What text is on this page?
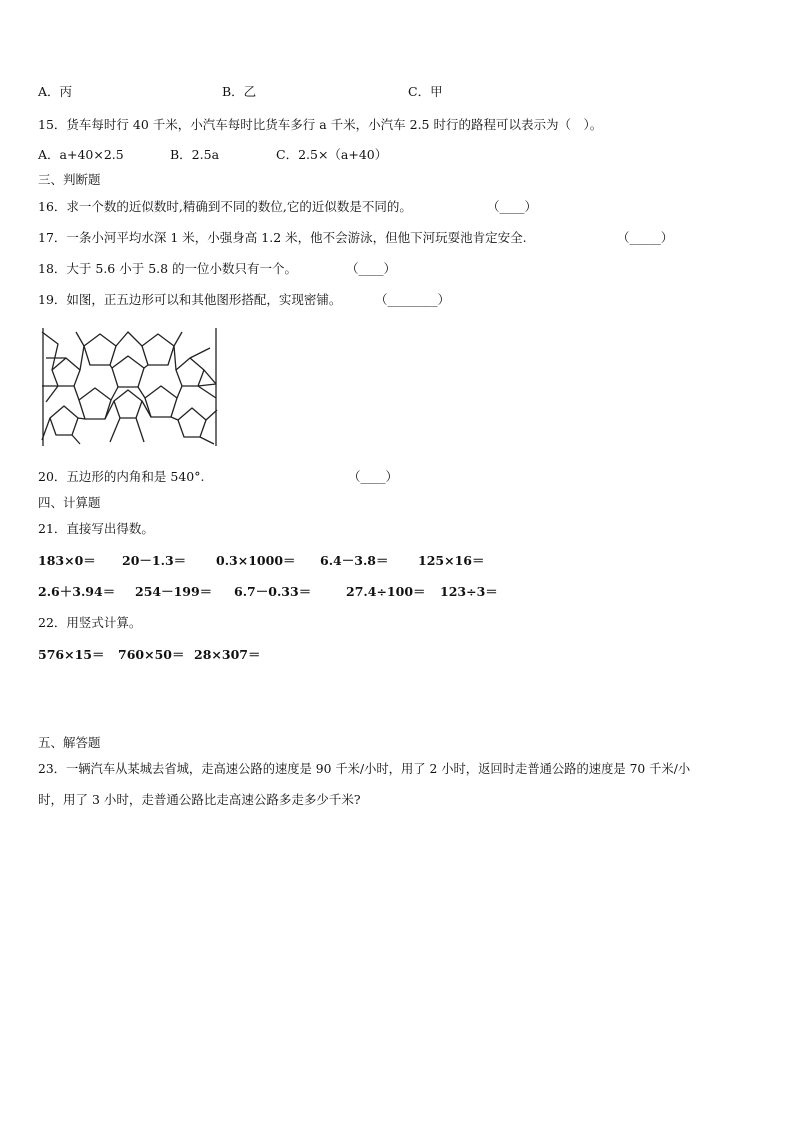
A．丙	B．乙	C．甲
15．货车每时行 40 千米，小汽车每时比货车多行 a 千米，小汽车 2.5 时行的路程可以表示为（　）。
A．a+40×2.5	B．2.5a	C．2.5×（a+40）
三、判断题
16．求一个数的近似数时,精确到不同的数位,它的近似数是不同的。	（____）
17．一条小河平均水深 1 米，小强身高 1.2 米，他不会游泳，但他下河玩耍池肯定安全.	（_____）
18．大于 5.6 小于 5.8 的一位小数只有一个。	（____）
19．如图，正五边形可以和其他图形搭配，实现密铺。	（________）
20．五边形的内角和是 540°.	（____）
四、计算题
21．直接写出得数。
183×0＝ 20－1.3＝ 0.3×1000＝ 6.4－3.8＝ 125×16＝
2.6＋3.94＝ 254－199＝ 6.7－0.33＝	27.4÷100＝ 123÷3＝
22．用竖式计算。
576×15＝ 760×50＝ 28×307＝
五、解答题
23．一辆汽车从某城去省城，走高速公路的速度是 90 千米/小时，用了 2 小时，返回时走普通公路的速度是 70 千米/小
时，用了 3 小时，走普通公路比走高速公路多走多少千米?
